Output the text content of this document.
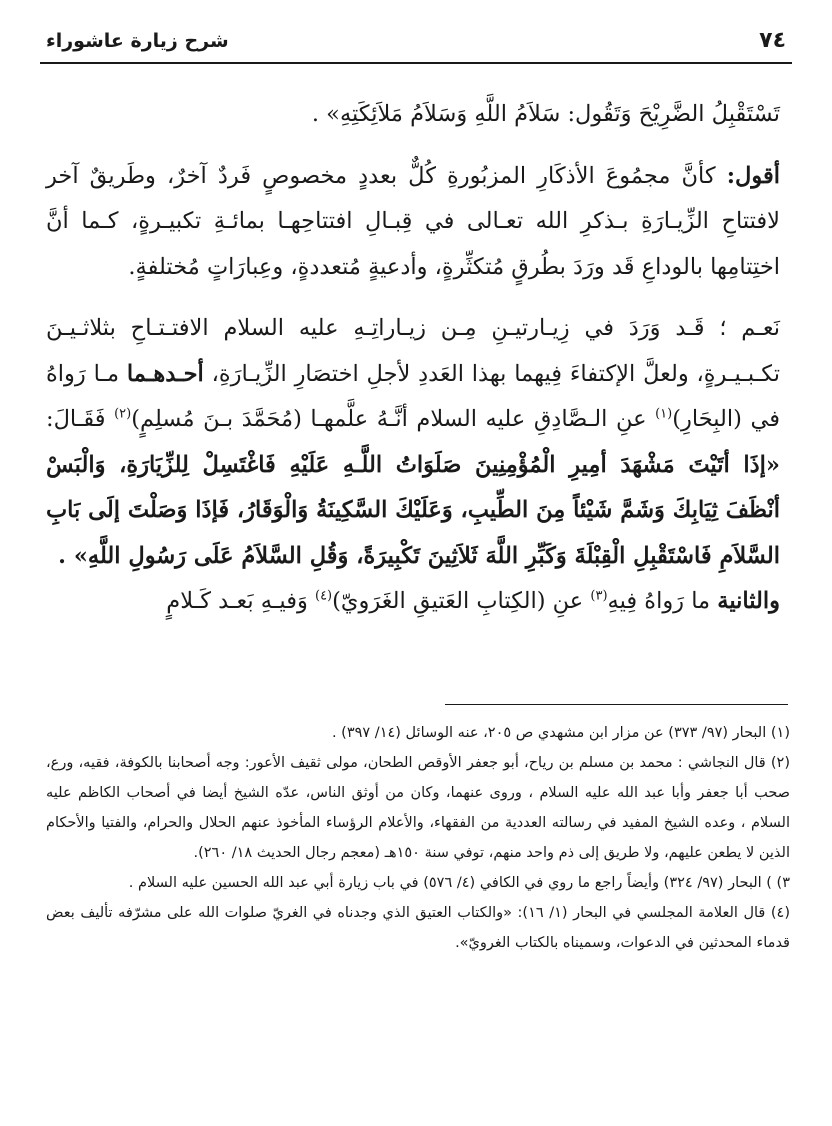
٧٤
شرح زيارة عاشوراء

تَسْتَقْبِلُ الضَّرِيْحَ وَتَقُول: سَلاَمُ اللَّهِ وَسَلاَمُ مَلاَئِكَتِهِ» .

أقول: كأنَّ مجمُوعَ الأذكَارِ المزبُورةِ كُلٌّ بعددٍ مخصوصٍ فَردٌ آخرٌ، وطَريقٌ آخر لافتتاحِ الزِّيـارَةِ بـذكرِ الله تعـالى في قِبـالِ افتتاحِهـا بمائـةِ تكبيـرةٍ، كـما أنَّ اختِتامِها بالوداعِ قَد ورَدَ بطُرقٍ مُتكثِّرةٍ، وأدعيةٍ مُتعددةٍ، وعِبارَاتٍ مُختلفةٍ.

نَعـم ؛ قَـد وَرَدَ في زِيـارتيـنِ مِـن زيـاراتِـهِ عليه السلام الافتـتـاحِ بثلاثـيـنَ تكـبـيـرةٍ، ولعلَّ الإكتفاءَ فِيهما بهذا العَددِ لأجلِ اختصَارِ الزِّيـارَةِ، أحـدهـما مـا رَواهُ في (البِحَارِ)$^{(١)}$ عنِ الـصَّادِقِ عليه السلام أنَّـهُ علَّمهـا (مُحَمَّدَ بـنَ مُسلِمٍ)$^{(٢)}$ فَقَـالَ: «إذَا أتَيْتَ مَشْهَدَ أمِيرِ الْمُؤْمِنِينَ صَلَوَاتُ اللَّـهِ عَلَيْهِ فَاغْتَسِلْ لِلزِّيَارَةِ، وَالْبَسْ أنْظَفَ ثِيَابِكَ وَشَمَّ شَيْئاً مِنَ الطِّيبِ، وَعَلَيْكَ السَّكِينَةُ وَالْوَقَارُ، فَإذَا وَصَلْتَ إلَى بَابِ السَّلاَمِ فَاسْتَقْبِلِ الْقِبْلَةَ وَكَبِّرِ اللَّهَ ثَلاَثِينَ تَكْبِيرَةً، وَقُلِ السَّلاَمُ عَلَى رَسُولِ اللَّهِ» .

والثانية ما رَواهُ فِيهِ$^{(٣)}$ عنِ (الكِتابِ العَتيقِ الغَرَويّ)$^{(٤)}$ وَفيـهِ بَعـد كَـلامٍ

(١) البحار (٩٧/ ٣٧٣) عن مزار ابن مشهدي ص ٢٠٥، عنه الوسائل (١٤/ ٣٩٧) .

(٢) قال النجاشي : محمد بن مسلم بن رياح، أبو جعفر الأوقص الطحان، مولى ثقيف الأعور: وجه أصحابنا بالكوفة، فقيه، ورع، صحب أبا جعفر وأبا عبد الله عليه السلام ، وروى عنهما، وكان من أوثق الناس، عدّه الشيخ أيضا في أصحاب الكاظم عليه السلام ، وعده الشيخ المفيد في رسالته العددية من الفقهاء، والأعلام الرؤساء المأخوذ عنهم الحلال والحرام، والفتيا والأحكام الذين لا يطعن عليهم، ولا طريق إلى ذم واحد منهم، توفي سنة ١٥٠هـ (معجم رجال الحديث ١٨/ ٢٦٠).

٣) ) البحار (٩٧/ ٣٢٤) وأيضاً راجع ما روي في الكافي (٤/ ٥٧٦) في باب زيارة أبي عبد الله الحسين عليه السلام .

(٤) قال العلامة المجلسي في البحار (١/ ١٦): «والكتاب العتيق الذي وجدناه في الغريّ صلوات الله على مشرّفه تأليف بعض قدماء المحدثين في الدعوات، وسميناه بالكتاب الغرويّ».
